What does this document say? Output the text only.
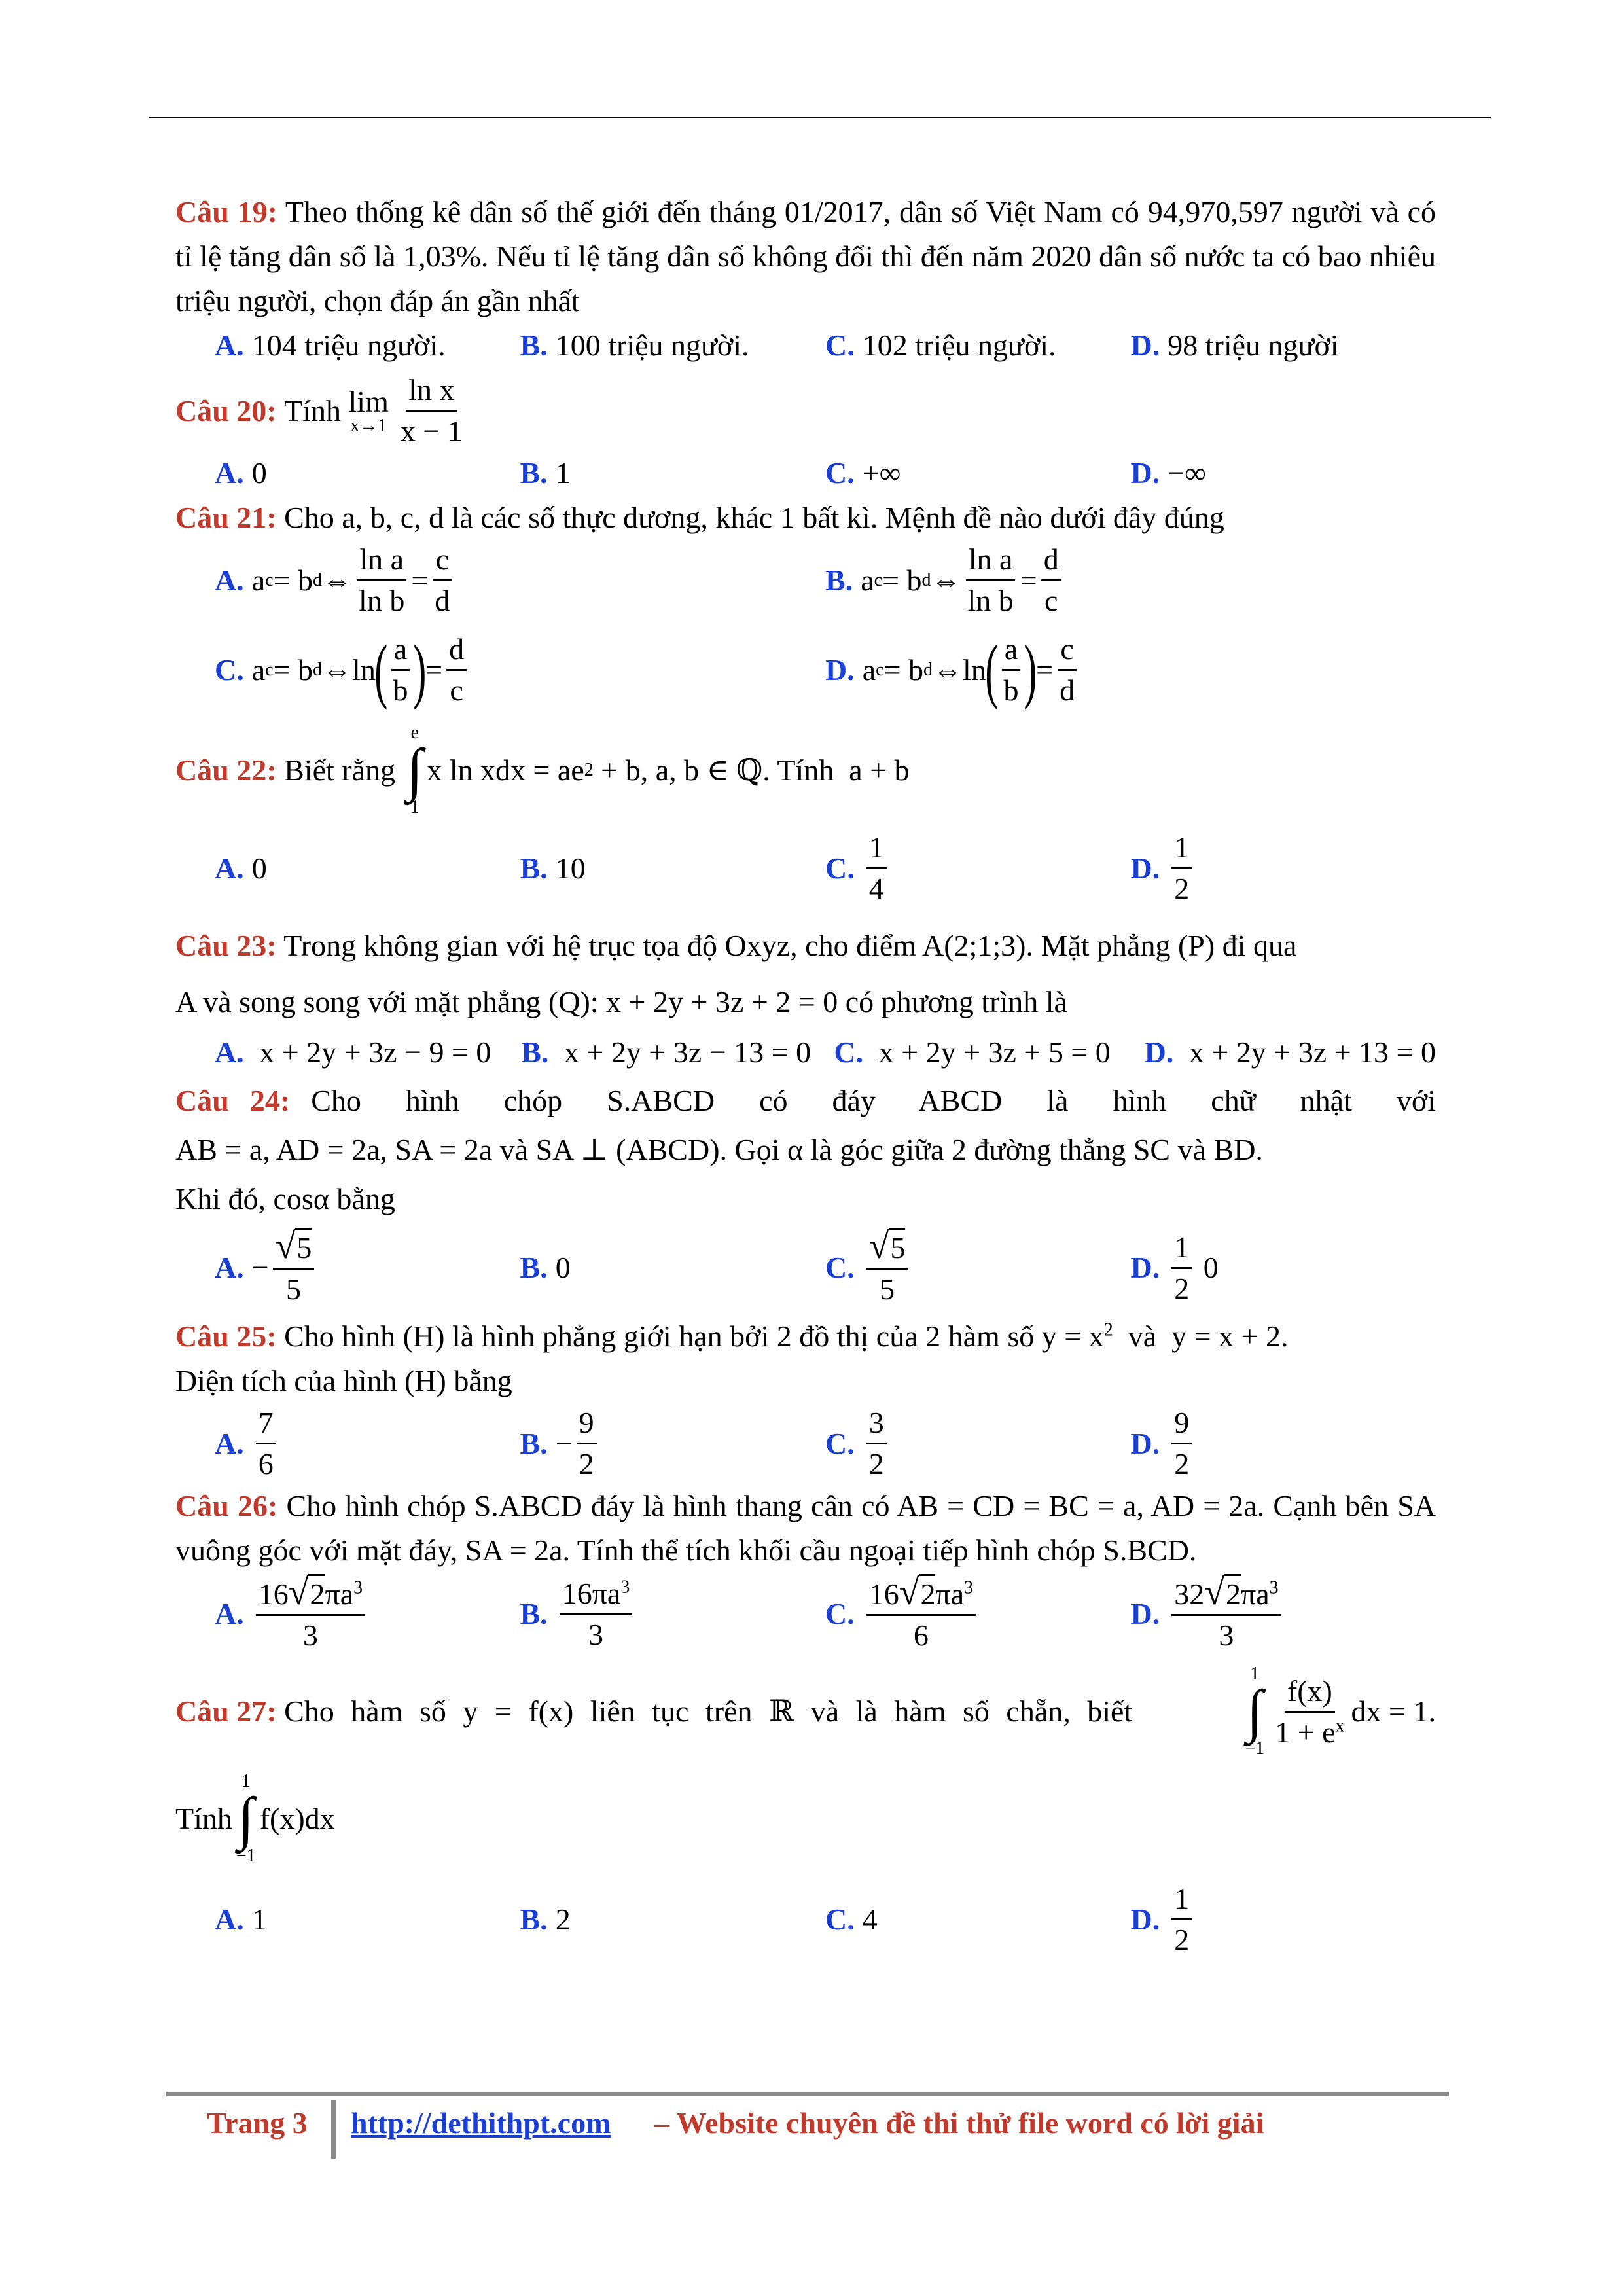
Câu 19: Theo thống kê dân số thế giới đến tháng 01/2017, dân số Việt Nam có 94,970,597 người và có tỉ lệ tăng dân số là 1,03%. Nếu tỉ lệ tăng dân số không đổi thì đến năm 2020 dân số nước ta có bao nhiêu triệu người, chọn đáp án gần nhất

A. 104 triệu người. B. 100 triệu người.	C. 102 triệu người. D. 98 triệu người
Câu 20:
Tính
lim
$x\to 1 \frac{\text{ln x}}{x - 1}$
A. 0	B. 1	C. +∞	D. −∞

Câu 21: Cho a, b, c, d là các số thực dương, khác 1 bất kì. Mệnh đề nào dưới đây đúng

A. a c = b d ⇔ $\frac{\text{ln a}}{\text{ln b}} = \frac{c}{d}$	B. a c = b d ⇔ $\frac{\text{ln a}}{\text{ln b}} = \frac{d}{c}$
C. a c = b d ⇔ ln
( $\frac{a}{b}$ )
= $\frac{d}{c}$	D. a c = b d ⇔ ln
( $\frac{a}{b}$ )
= $\frac{c}{d}$
Câu 22:
Biết rằng

e
∫
1
x ln xdx = ae 2 + b, a, b ∈ ℚ. Tính  a + b
A. 0	B. 10	C. $\frac{1}{4}$	D. $\frac{1}{2}$

Câu 23: Trong không gian với hệ trục tọa độ Oxyz, cho điểm A(2;1;3). Mặt phẳng (P) đi qua
A và song song với mặt phẳng (Q): x + 2y + 3z + 2 = 0 có phương trình là

A.
x + 2y + 3z − 9 = 0 B.
x + 2y + 3z − 13 = 0 C.
x + 2y + 3z + 5 = 0 D.
x + 2y + 3z + 13 = 0

Câu 24: Cho hình chóp S.ABCD có đáy ABCD là hình chữ nhật với

AB = a, AD = 2a, SA = 2a và SA ⊥ (ABCD). Gọi α là góc giữa 2 đường thẳng SC và BD.

Khi đó, cosα bằng

A. − $\frac{√5}{5}$	B. 0	C. $\frac{√5}{5}$	D. $\frac{1}{2}$
0

Câu 25: Cho hình (H) là hình phẳng giới hạn bởi 2 đồ thị của 2 hàm số $y = x^2$  và  y = x + 2.
Diện tích của hình (H) bằng

A. $\frac{7}{6}$	B. − $\frac{9}{2}$	C. $\frac{3}{2}$	D. $\frac{9}{2}$

Câu 26: Cho hình chóp S.ABCD đáy là hình thang cân có AB = CD = BC = a, AD = 2a. Cạnh bên SA vuông góc với mặt đáy, SA = 2a. Tính thể tích khối cầu ngoại tiếp hình chóp S.BCD.

A. $\frac{16√2\pi a^3}{3}$	B. $\frac{16\pi a^3}{3}$	C. $\frac{16√2\pi a^3}{6}$	D. $\frac{32√2\pi a^3}{3}$
Câu 27: Cho hàm số y = f(x) liên tục trên ℝ và là hàm số chẵn, biết
1
∫
$-1 \frac{f(x)}{1 + e^x}$ dx = 1.
Tính
1
∫
−1
f(x)dx
A. 1	B. 2	C. 4	D. $\frac{1}{2}$
Trang 3 http://dethithpt.com – Website chuyên đề thi thử file word có lời giải
